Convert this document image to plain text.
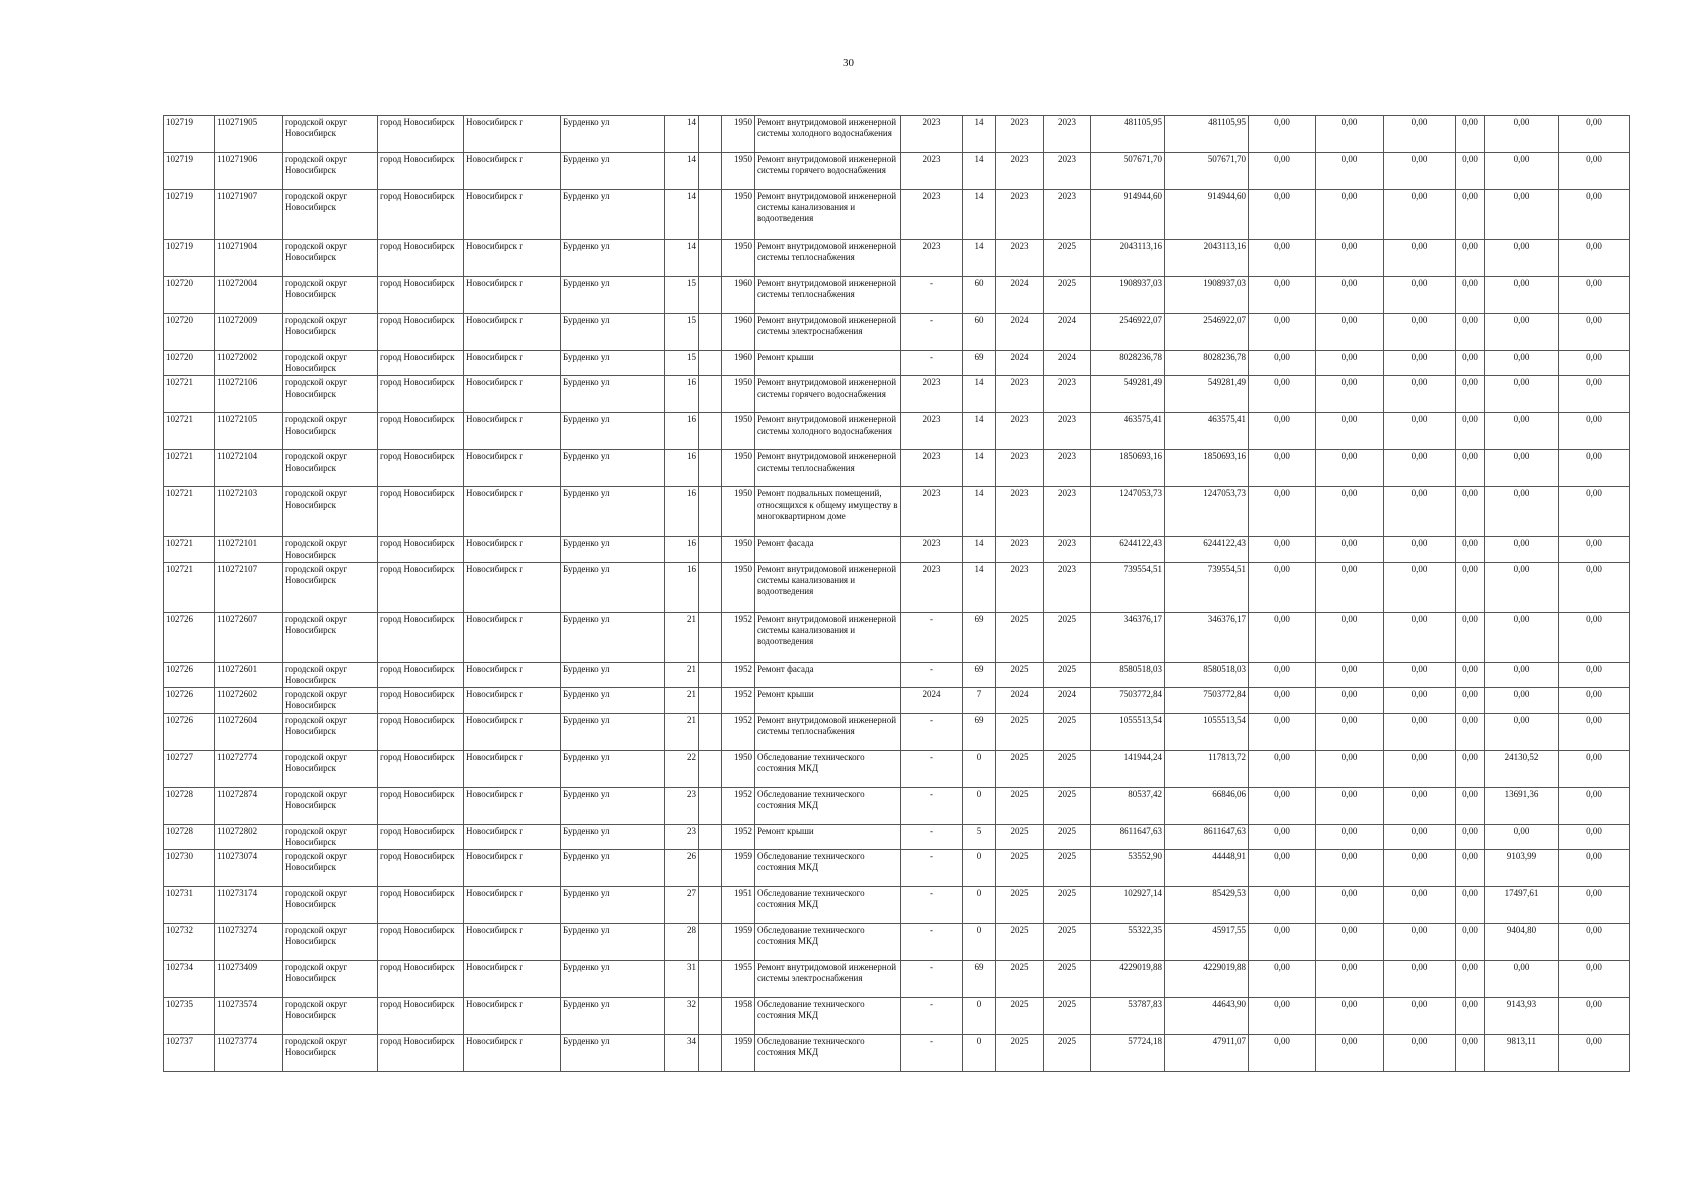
30
102719	110271905	городской округ Новосибирск	город Новосибирск	Новосибирск г	Бурденко ул	14		1950	Ремонт внутридомовой инженерной системы холодного водоснабжения	2023	14	2023	2023	481105,95	481105,95	0,00	0,00	0,00	0,00	0,00	0,00
102719	110271906	городской округ Новосибирск	город Новосибирск	Новосибирск г	Бурденко ул	14		1950	Ремонт внутридомовой инженерной системы горячего водоснабжения	2023	14	2023	2023	507671,70	507671,70	0,00	0,00	0,00	0,00	0,00	0,00
102719	110271907	городской округ Новосибирск	город Новосибирск	Новосибирск г	Бурденко ул	14		1950	Ремонт внутридомовой инженерной системы канализования и водоотведения	2023	14	2023	2023	914944,60	914944,60	0,00	0,00	0,00	0,00	0,00	0,00
102719	110271904	городской округ Новосибирск	город Новосибирск	Новосибирск г	Бурденко ул	14		1950	Ремонт внутридомовой инженерной системы теплоснабжения	2023	14	2023	2025	2043113,16	2043113,16	0,00	0,00	0,00	0,00	0,00	0,00
102720	110272004	городской округ Новосибирск	город Новосибирск	Новосибирск г	Бурденко ул	15		1960	Ремонт внутридомовой инженерной системы теплоснабжения	-	60	2024	2025	1908937,03	1908937,03	0,00	0,00	0,00	0,00	0,00	0,00
102720	110272009	городской округ Новосибирск	город Новосибирск	Новосибирск г	Бурденко ул	15		1960	Ремонт внутридомовой инженерной системы электроснабжения	-	60	2024	2024	2546922,07	2546922,07	0,00	0,00	0,00	0,00	0,00	0,00
102720	110272002	городской округ Новосибирск	город Новосибирск	Новосибирск г	Бурденко ул	15		1960	Ремонт крыши	-	69	2024	2024	8028236,78	8028236,78	0,00	0,00	0,00	0,00	0,00	0,00
102721	110272106	городской округ Новосибирск	город Новосибирск	Новосибирск г	Бурденко ул	16		1950	Ремонт внутридомовой инженерной системы горячего водоснабжения	2023	14	2023	2023	549281,49	549281,49	0,00	0,00	0,00	0,00	0,00	0,00
102721	110272105	городской округ Новосибирск	город Новосибирск	Новосибирск г	Бурденко ул	16		1950	Ремонт внутридомовой инженерной системы холодного водоснабжения	2023	14	2023	2023	463575,41	463575,41	0,00	0,00	0,00	0,00	0,00	0,00
102721	110272104	городской округ Новосибирск	город Новосибирск	Новосибирск г	Бурденко ул	16		1950	Ремонт внутридомовой инженерной системы теплоснабжения	2023	14	2023	2023	1850693,16	1850693,16	0,00	0,00	0,00	0,00	0,00	0,00
102721	110272103	городской округ Новосибирск	город Новосибирск	Новосибирск г	Бурденко ул	16		1950	Ремонт подвальных помещений, относящихся к общему имуществу в многоквартирном доме	2023	14	2023	2023	1247053,73	1247053,73	0,00	0,00	0,00	0,00	0,00	0,00
102721	110272101	городской округ Новосибирск	город Новосибирск	Новосибирск г	Бурденко ул	16		1950	Ремонт фасада	2023	14	2023	2023	6244122,43	6244122,43	0,00	0,00	0,00	0,00	0,00	0,00
102721	110272107	городской округ Новосибирск	город Новосибирск	Новосибирск г	Бурденко ул	16		1950	Ремонт внутридомовой инженерной системы канализования и водоотведения	2023	14	2023	2023	739554,51	739554,51	0,00	0,00	0,00	0,00	0,00	0,00
102726	110272607	городской округ Новосибирск	город Новосибирск	Новосибирск г	Бурденко ул	21		1952	Ремонт внутридомовой инженерной системы канализования и водоотведения	-	69	2025	2025	346376,17	346376,17	0,00	0,00	0,00	0,00	0,00	0,00
102726	110272601	городской округ Новосибирск	город Новосибирск	Новосибирск г	Бурденко ул	21		1952	Ремонт фасада	-	69	2025	2025	8580518,03	8580518,03	0,00	0,00	0,00	0,00	0,00	0,00
102726	110272602	городской округ Новосибирск	город Новосибирск	Новосибирск г	Бурденко ул	21		1952	Ремонт крыши	2024	7	2024	2024	7503772,84	7503772,84	0,00	0,00	0,00	0,00	0,00	0,00
102726	110272604	городской округ Новосибирск	город Новосибирск	Новосибирск г	Бурденко ул	21		1952	Ремонт внутридомовой инженерной системы теплоснабжения	-	69	2025	2025	1055513,54	1055513,54	0,00	0,00	0,00	0,00	0,00	0,00
102727	110272774	городской округ Новосибирск	город Новосибирск	Новосибирск г	Бурденко ул	22		1950	Обследование технического состояния МКД	-	0	2025	2025	141944,24	117813,72	0,00	0,00	0,00	0,00	24130,52	0,00
102728	110272874	городской округ Новосибирск	город Новосибирск	Новосибирск г	Бурденко ул	23		1952	Обследование технического состояния МКД	-	0	2025	2025	80537,42	66846,06	0,00	0,00	0,00	0,00	13691,36	0,00
102728	110272802	городской округ Новосибирск	город Новосибирск	Новосибирск г	Бурденко ул	23		1952	Ремонт крыши	-	5	2025	2025	8611647,63	8611647,63	0,00	0,00	0,00	0,00	0,00	0,00
102730	110273074	городской округ Новосибирск	город Новосибирск	Новосибирск г	Бурденко ул	26		1959	Обследование технического состояния МКД	-	0	2025	2025	53552,90	44448,91	0,00	0,00	0,00	0,00	9103,99	0,00
102731	110273174	городской округ Новосибирск	город Новосибирск	Новосибирск г	Бурденко ул	27		1951	Обследование технического состояния МКД	-	0	2025	2025	102927,14	85429,53	0,00	0,00	0,00	0,00	17497,61	0,00
102732	110273274	городской округ Новосибирск	город Новосибирск	Новосибирск г	Бурденко ул	28		1959	Обследование технического состояния МКД	-	0	2025	2025	55322,35	45917,55	0,00	0,00	0,00	0,00	9404,80	0,00
102734	110273409	городской округ Новосибирск	город Новосибирск	Новосибирск г	Бурденко ул	31		1955	Ремонт внутридомовой инженерной системы электроснабжения	-	69	2025	2025	4229019,88	4229019,88	0,00	0,00	0,00	0,00	0,00	0,00
102735	110273574	городской округ Новосибирск	город Новосибирск	Новосибирск г	Бурденко ул	32		1958	Обследование технического состояния МКД	-	0	2025	2025	53787,83	44643,90	0,00	0,00	0,00	0,00	9143,93	0,00
102737	110273774	городской округ Новосибирск	город Новосибирск	Новосибирск г	Бурденко ул	34		1959	Обследование технического состояния МКД	-	0	2025	2025	57724,18	47911,07	0,00	0,00	0,00	0,00	9813,11	0,00
